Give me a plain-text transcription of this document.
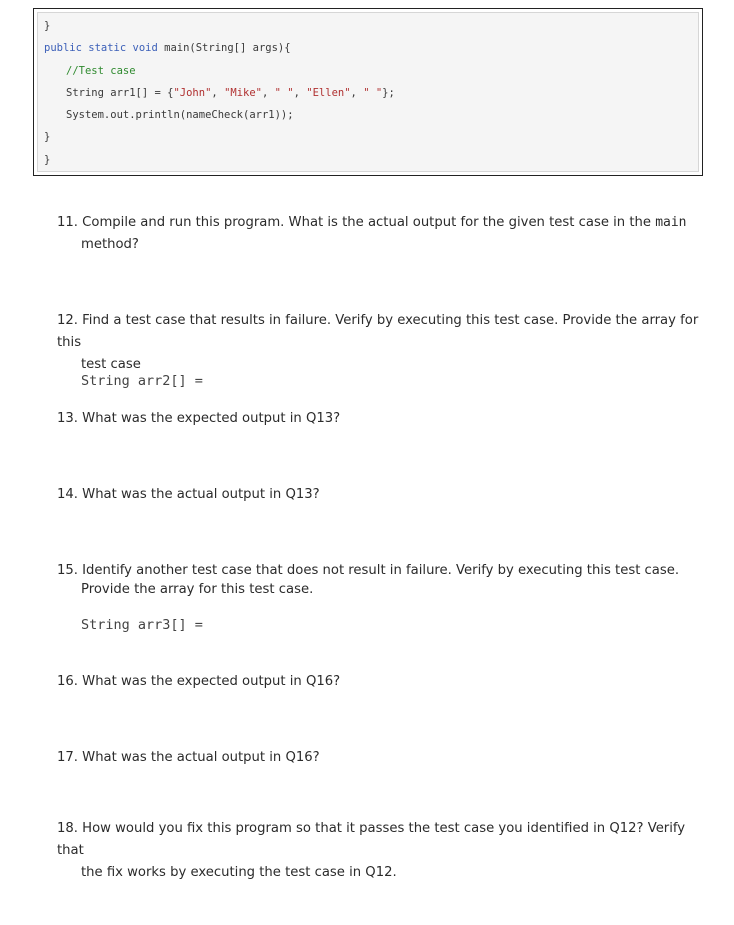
}
public static void main(String[] args){
//Test case
String arr1[] = {"John", "Mike", " ", "Ellen", " "};
System.out.println(nameCheck(arr1));
}
}
11. Compile and run this program. What is the actual output for the given test case in the main
method?
12. Find a test case that results in failure. Verify by executing this test case. Provide the array for this
test case
String arr2[] =
13. What was the expected output in Q13?
14. What was the actual output in Q13?
15. Identify another test case that does not result in failure. Verify by executing this test case.
Provide the array for this test case.
String arr3[] =
16. What was the expected output in Q16?
17. What was the actual output in Q16?
18. How would you fix this program so that it passes the test case you identified in Q12? Verify that
the fix works by executing the test case in Q12.
